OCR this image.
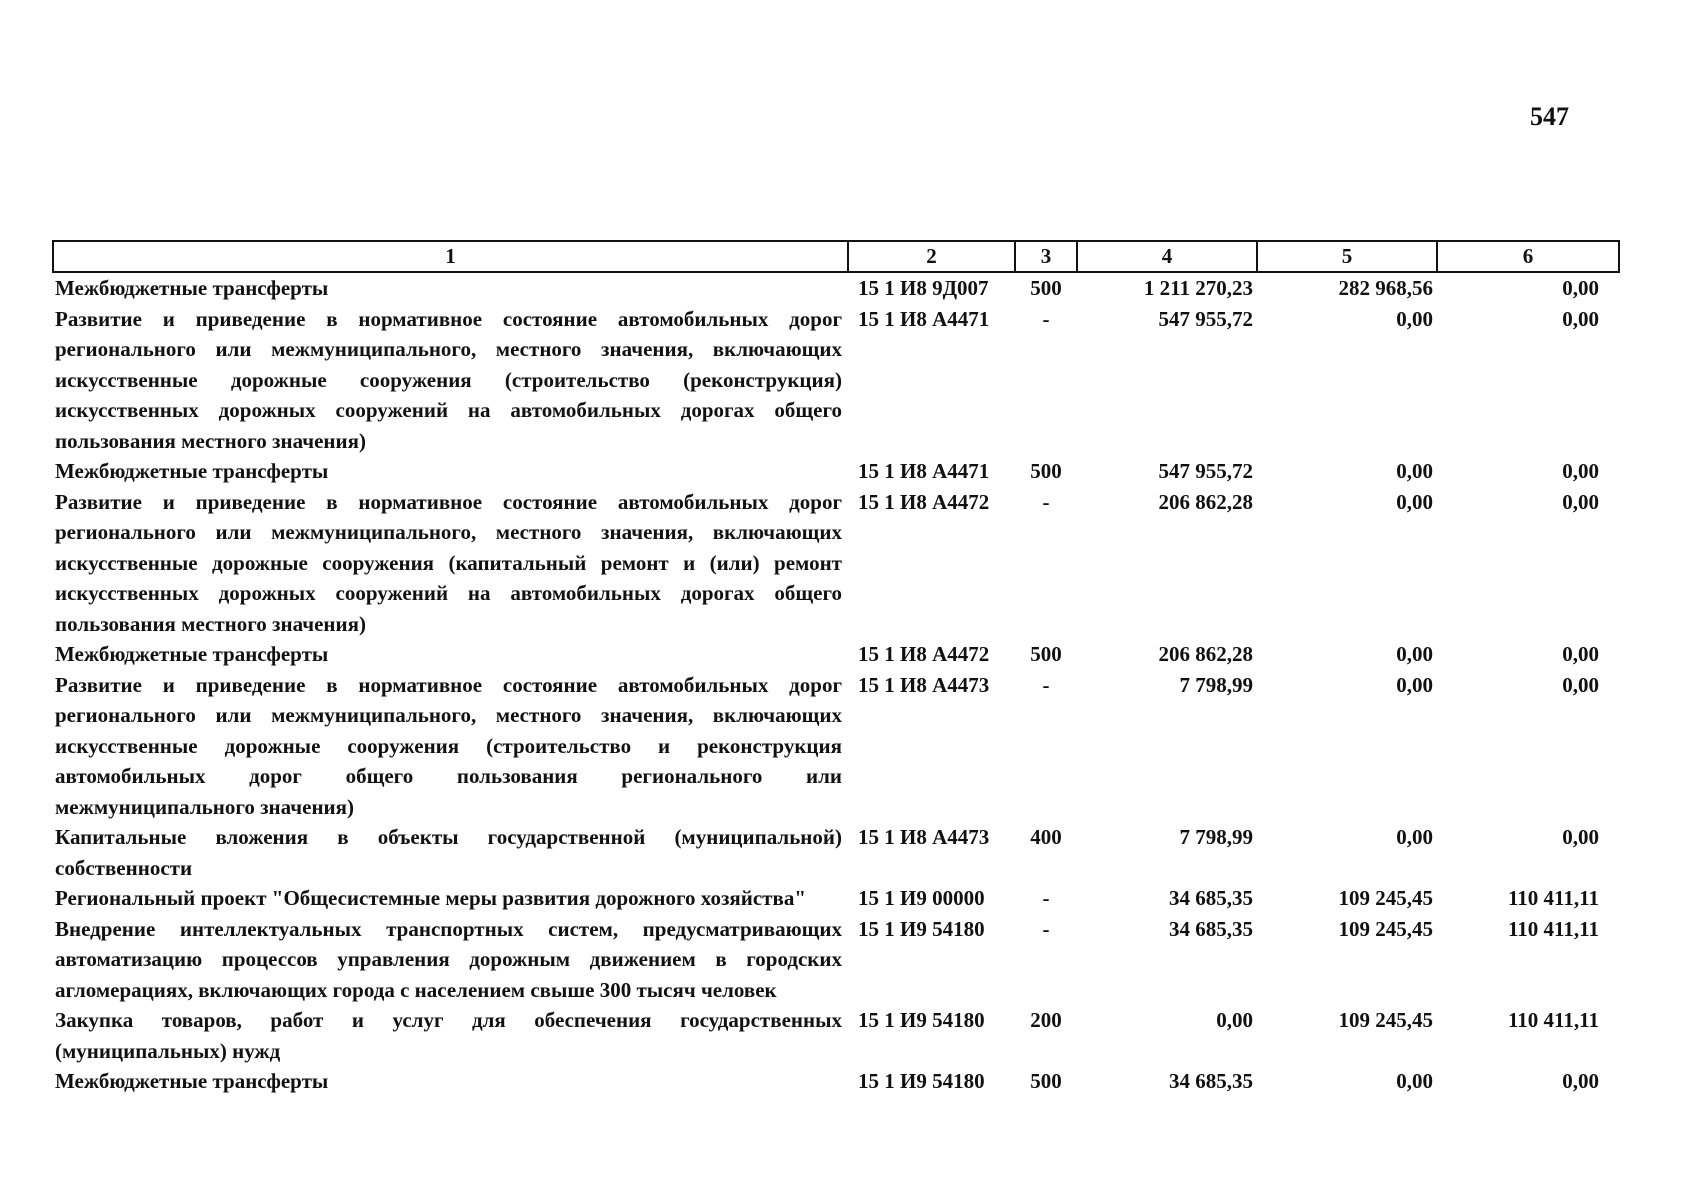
547
1	2	3	4	5	6
Межбюджетные трансферты	15 1 И8 9Д007	500	1 211 270,23	282 968,56	0,00
Развитие и приведение в нормативное состояние автомобильных дорог регионального или межмуниципального, местного значения, включающих искусственные дорожные сооружения (строительство (реконструкция) искусственных дорожных сооружений на автомобильных дорогах общего пользования местного значения)	15 1 И8 А4471	-	547 955,72	0,00	0,00
Межбюджетные трансферты	15 1 И8 А4471	500	547 955,72	0,00	0,00
Развитие и приведение в нормативное состояние автомобильных дорог регионального или межмуниципального, местного значения, включающих искусственные дорожные сооружения (капитальный ремонт и (или) ремонт искусственных дорожных сооружений на автомобильных дорогах общего пользования местного значения)	15 1 И8 А4472	-	206 862,28	0,00	0,00
Межбюджетные трансферты	15 1 И8 А4472	500	206 862,28	0,00	0,00
Развитие и приведение в нормативное состояние автомобильных дорог регионального или межмуниципального, местного значения, включающих искусственные дорожные сооружения (строительство и реконструкция автомобильных дорог общего пользования регионального или межмуниципального значения)	15 1 И8 А4473	-	7 798,99	0,00	0,00
Капитальные вложения в объекты государственной (муниципальной) собственности	15 1 И8 А4473	400	7 798,99	0,00	0,00
Региональный проект "Общесистемные меры развития дорожного хозяйства"	15 1 И9 00000	-	34 685,35	109 245,45	110 411,11
Внедрение интеллектуальных транспортных систем, предусматривающих автоматизацию процессов управления дорожным движением в городских агломерациях, включающих города с населением свыше 300 тысяч человек	15 1 И9 54180	-	34 685,35	109 245,45	110 411,11
Закупка товаров, работ и услуг для обеспечения государственных (муниципальных) нужд	15 1 И9 54180	200	0,00	109 245,45	110 411,11
Межбюджетные трансферты	15 1 И9 54180	500	34 685,35	0,00	0,00
